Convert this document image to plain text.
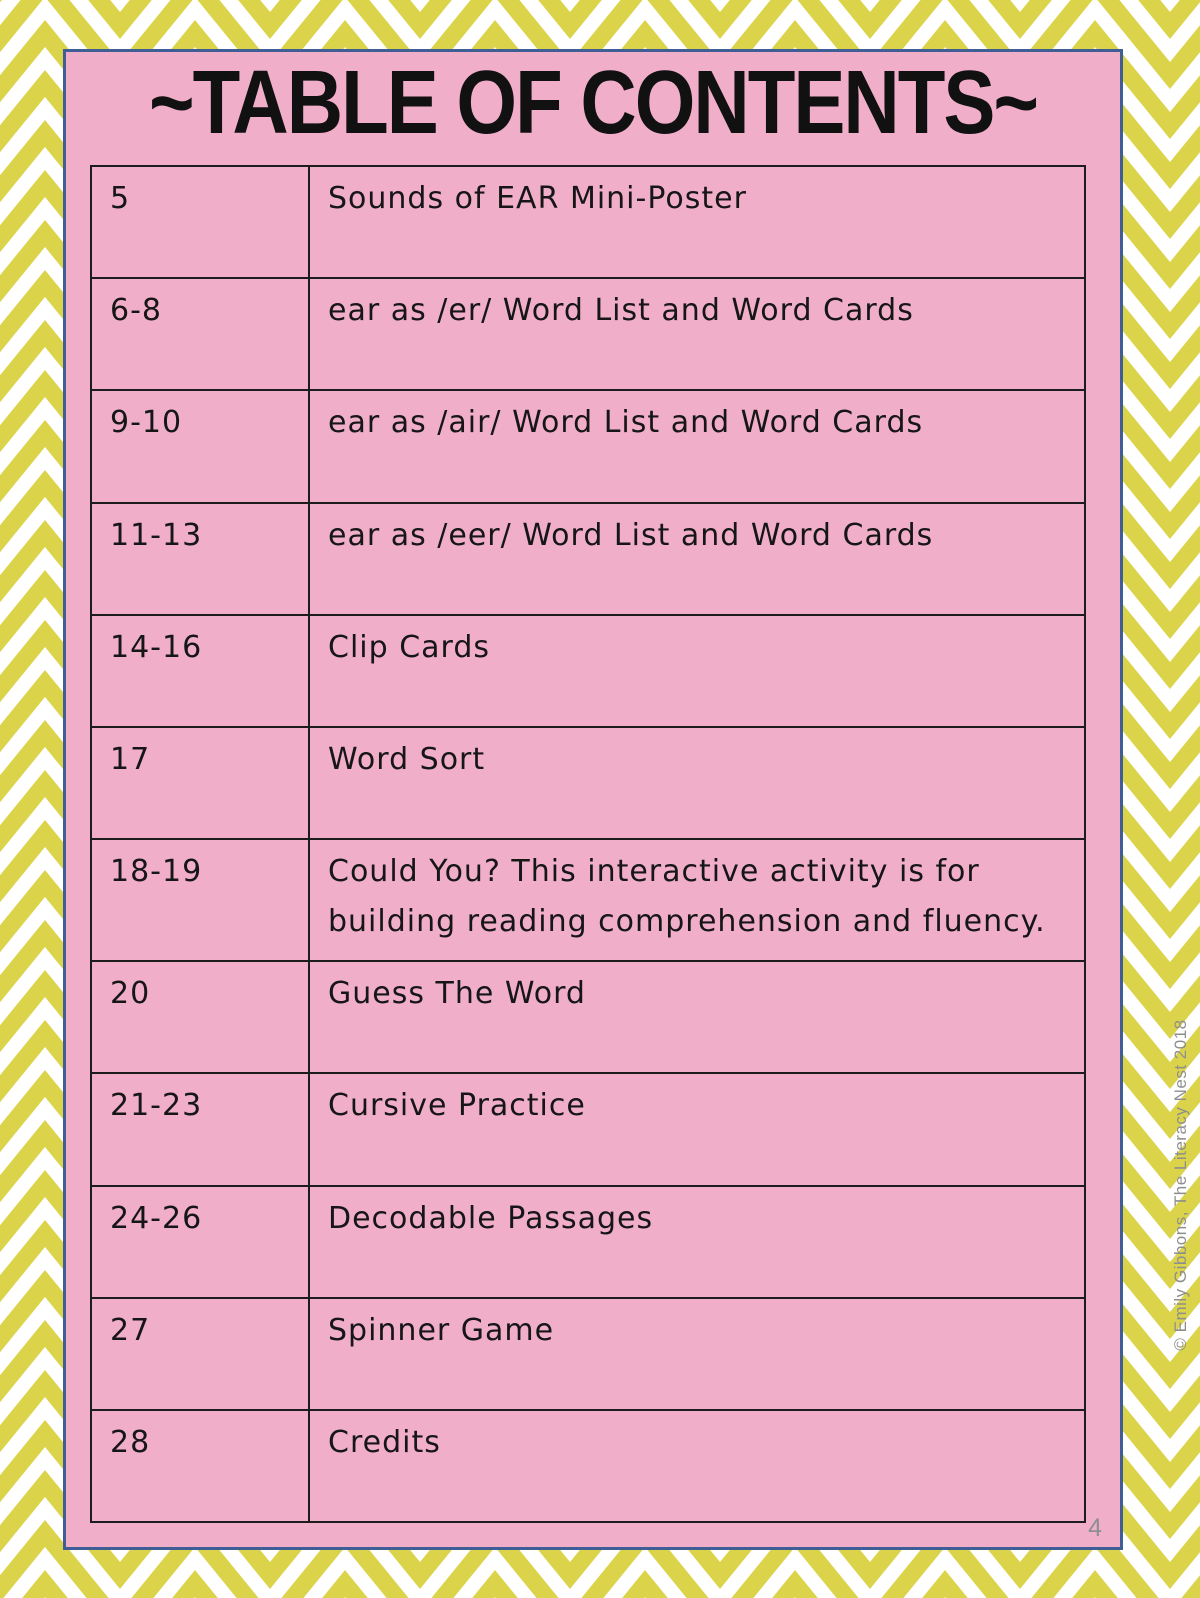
~TABLE OF CONTENTS~
5	Sounds of EAR Mini-Poster
6-8	ear as /er/ Word List and Word Cards
9-10	ear as /air/ Word List and Word Cards
11-13	ear as /eer/ Word List and Word Cards
14-16	Clip Cards
17	Word Sort
18-19	Could You? This interactive activity is for building reading comprehension and fluency.
20	Guess The Word
21-23	Cursive Practice
24-26	Decodable Passages
27	Spinner Game
28	Credits
4
© Emily Gibbons, The Literacy Nest 2018
